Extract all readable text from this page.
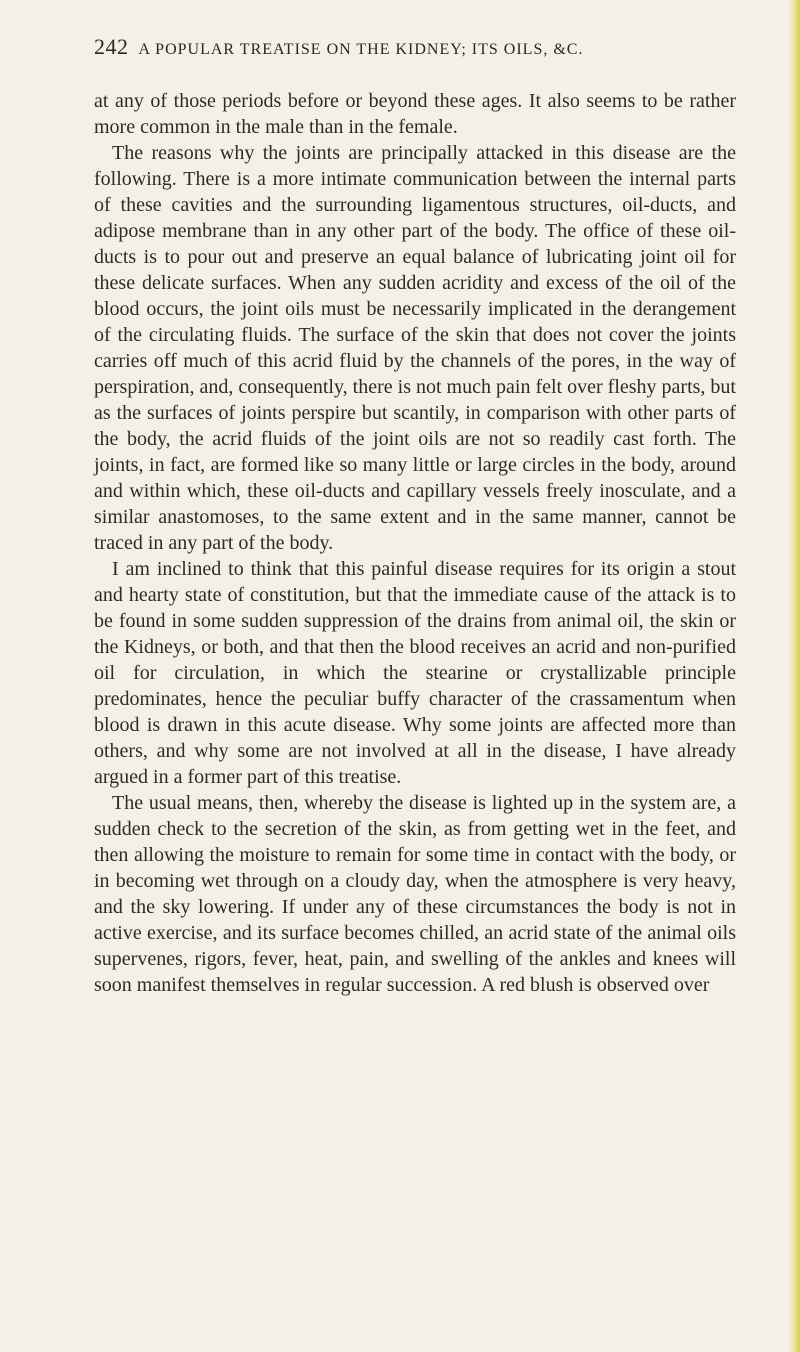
242 A POPULAR TREATISE ON THE KIDNEY; ITS OILS, &C.

at any of those periods before or beyond these ages. It also seems to be rather more common in the male than in the female.

The reasons why the joints are principally attacked in this disease are the following. There is a more intimate communication between the internal parts of these cavities and the surrounding ligamentous structures, oil-ducts, and adipose membrane than in any other part of the body. The office of these oil-ducts is to pour out and preserve an equal balance of lubricating joint oil for these delicate surfaces. When any sudden acridity and excess of the oil of the blood occurs, the joint oils must be necessarily implicated in the derangement of the circulating fluids. The surface of the skin that does not cover the joints carries off much of this acrid fluid by the channels of the pores, in the way of perspiration, and, consequently, there is not much pain felt over fleshy parts, but as the surfaces of joints perspire but scantily, in comparison with other parts of the body, the acrid fluids of the joint oils are not so readily cast forth. The joints, in fact, are formed like so many little or large circles in the body, around and within which, these oil-ducts and capillary vessels freely inosculate, and a similar anastomoses, to the same extent and in the same manner, cannot be traced in any part of the body.

I am inclined to think that this painful disease requires for its origin a stout and hearty state of constitution, but that the immediate cause of the attack is to be found in some sudden suppression of the drains from animal oil, the skin or the Kidneys, or both, and that then the blood receives an acrid and non-purified oil for circulation, in which the stearine or crystallizable principle predominates, hence the peculiar buffy character of the crassamentum when blood is drawn in this acute disease. Why some joints are affected more than others, and why some are not involved at all in the disease, I have already argued in a former part of this treatise.

The usual means, then, whereby the disease is lighted up in the system are, a sudden check to the secretion of the skin, as from getting wet in the feet, and then allowing the moisture to remain for some time in contact with the body, or in becoming wet through on a cloudy day, when the atmosphere is very heavy, and the sky lowering. If under any of these circumstances the body is not in active exercise, and its surface becomes chilled, an acrid state of the animal oils supervenes, rigors, fever, heat, pain, and swelling of the ankles and knees will soon manifest themselves in regular succession. A red blush is observed over
